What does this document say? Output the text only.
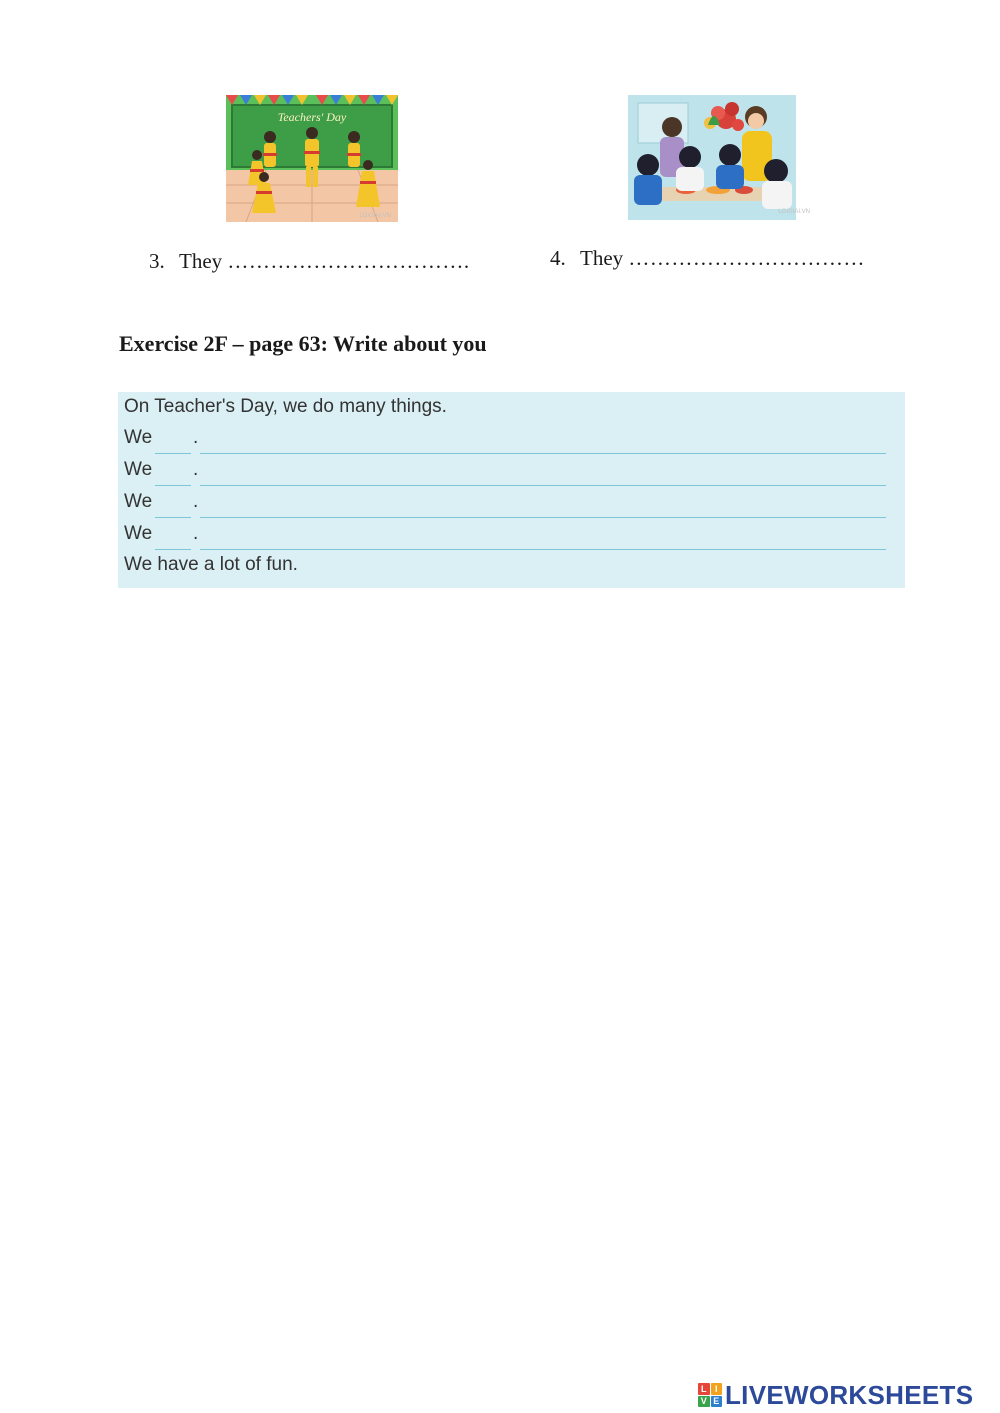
Teachers' Day
LOIGIAI.VN
LOIGIAI.VN
3. They …………………………….	4. They ……………………………
Exercise 2F – page 63: Write about you
On Teacher's Day, we do many things.
We .
We .
We .
We .
We have a lot of fun.
L I
V E LIVEWORKSHEETS
